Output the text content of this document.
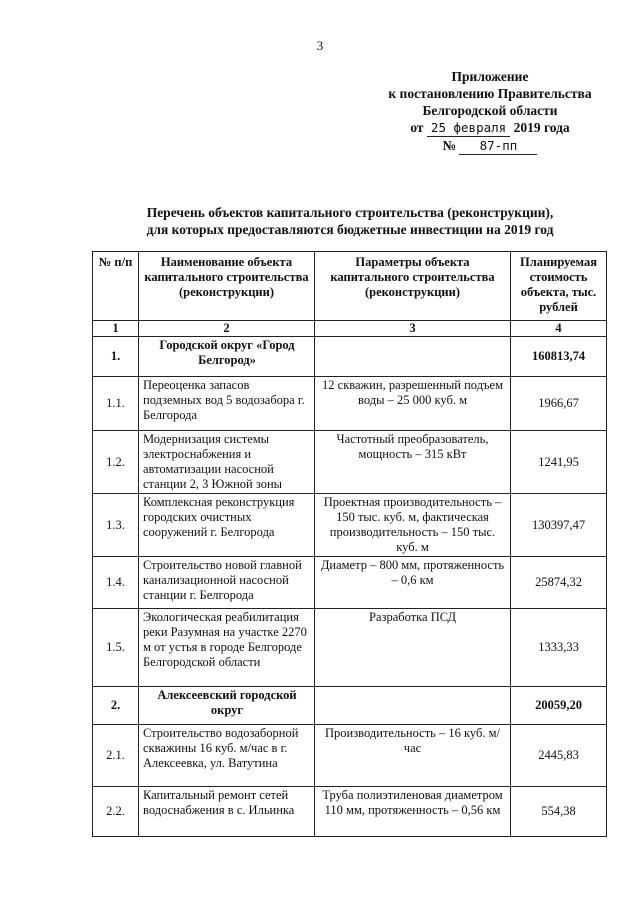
3
Приложение
к постановлению Правительства
Белгородской области
от 25 февраля 2019 года
№ 87-пп
Перечень объектов капитального строительства (реконструкции),
для которых предоставляются бюджетные инвестиции на 2019 год
№ п/п	Наименование объекта капитального строительства (реконструкции)	Параметры объекта капитального строительства (реконструкции)	Планируемая стоимость объекта, тыс. рублей
1	2	3	4
1.	Городской округ «Город Белгород»		160813,74
1.1.	Переоценка запасов подземных вод 5 водозабора г. Белгорода	12 скважин, разрешенный подъем воды – 25 000 куб. м	1966,67
1.2.	Модернизация системы электроснабжения и автоматизации насосной станции 2, 3 Южной зоны	Частотный преобразователь, мощность – 315 кВт	1241,95
1.3.	Комплексная реконструкция городских очистных сооружений г. Белгорода	Проектная производительность – 150 тыс. куб. м, фактическая производительность – 150 тыс. куб. м	130397,47
1.4.	Строительство новой главной канализационной насосной станции г. Белгорода	Диаметр – 800 мм, протяженность – 0,6 км	25874,32
1.5.	Экологическая реабилитация реки Разумная на участке 2270 м от устья в городе Белгороде Белгородской области	Разработка ПСД	1333,33
2.	Алексеевский городской округ		20059,20
2.1.	Строительство водозаборной скважины 16 куб. м/час в г. Алексеевка, ул. Ватутина	Производительность – 16 куб. м/час	2445,83
2.2.	Капитальный ремонт сетей водоснабжения в с. Ильинка	Труба полиэтиленовая диаметром 110 мм, протяженность – 0,56 км	554,38
